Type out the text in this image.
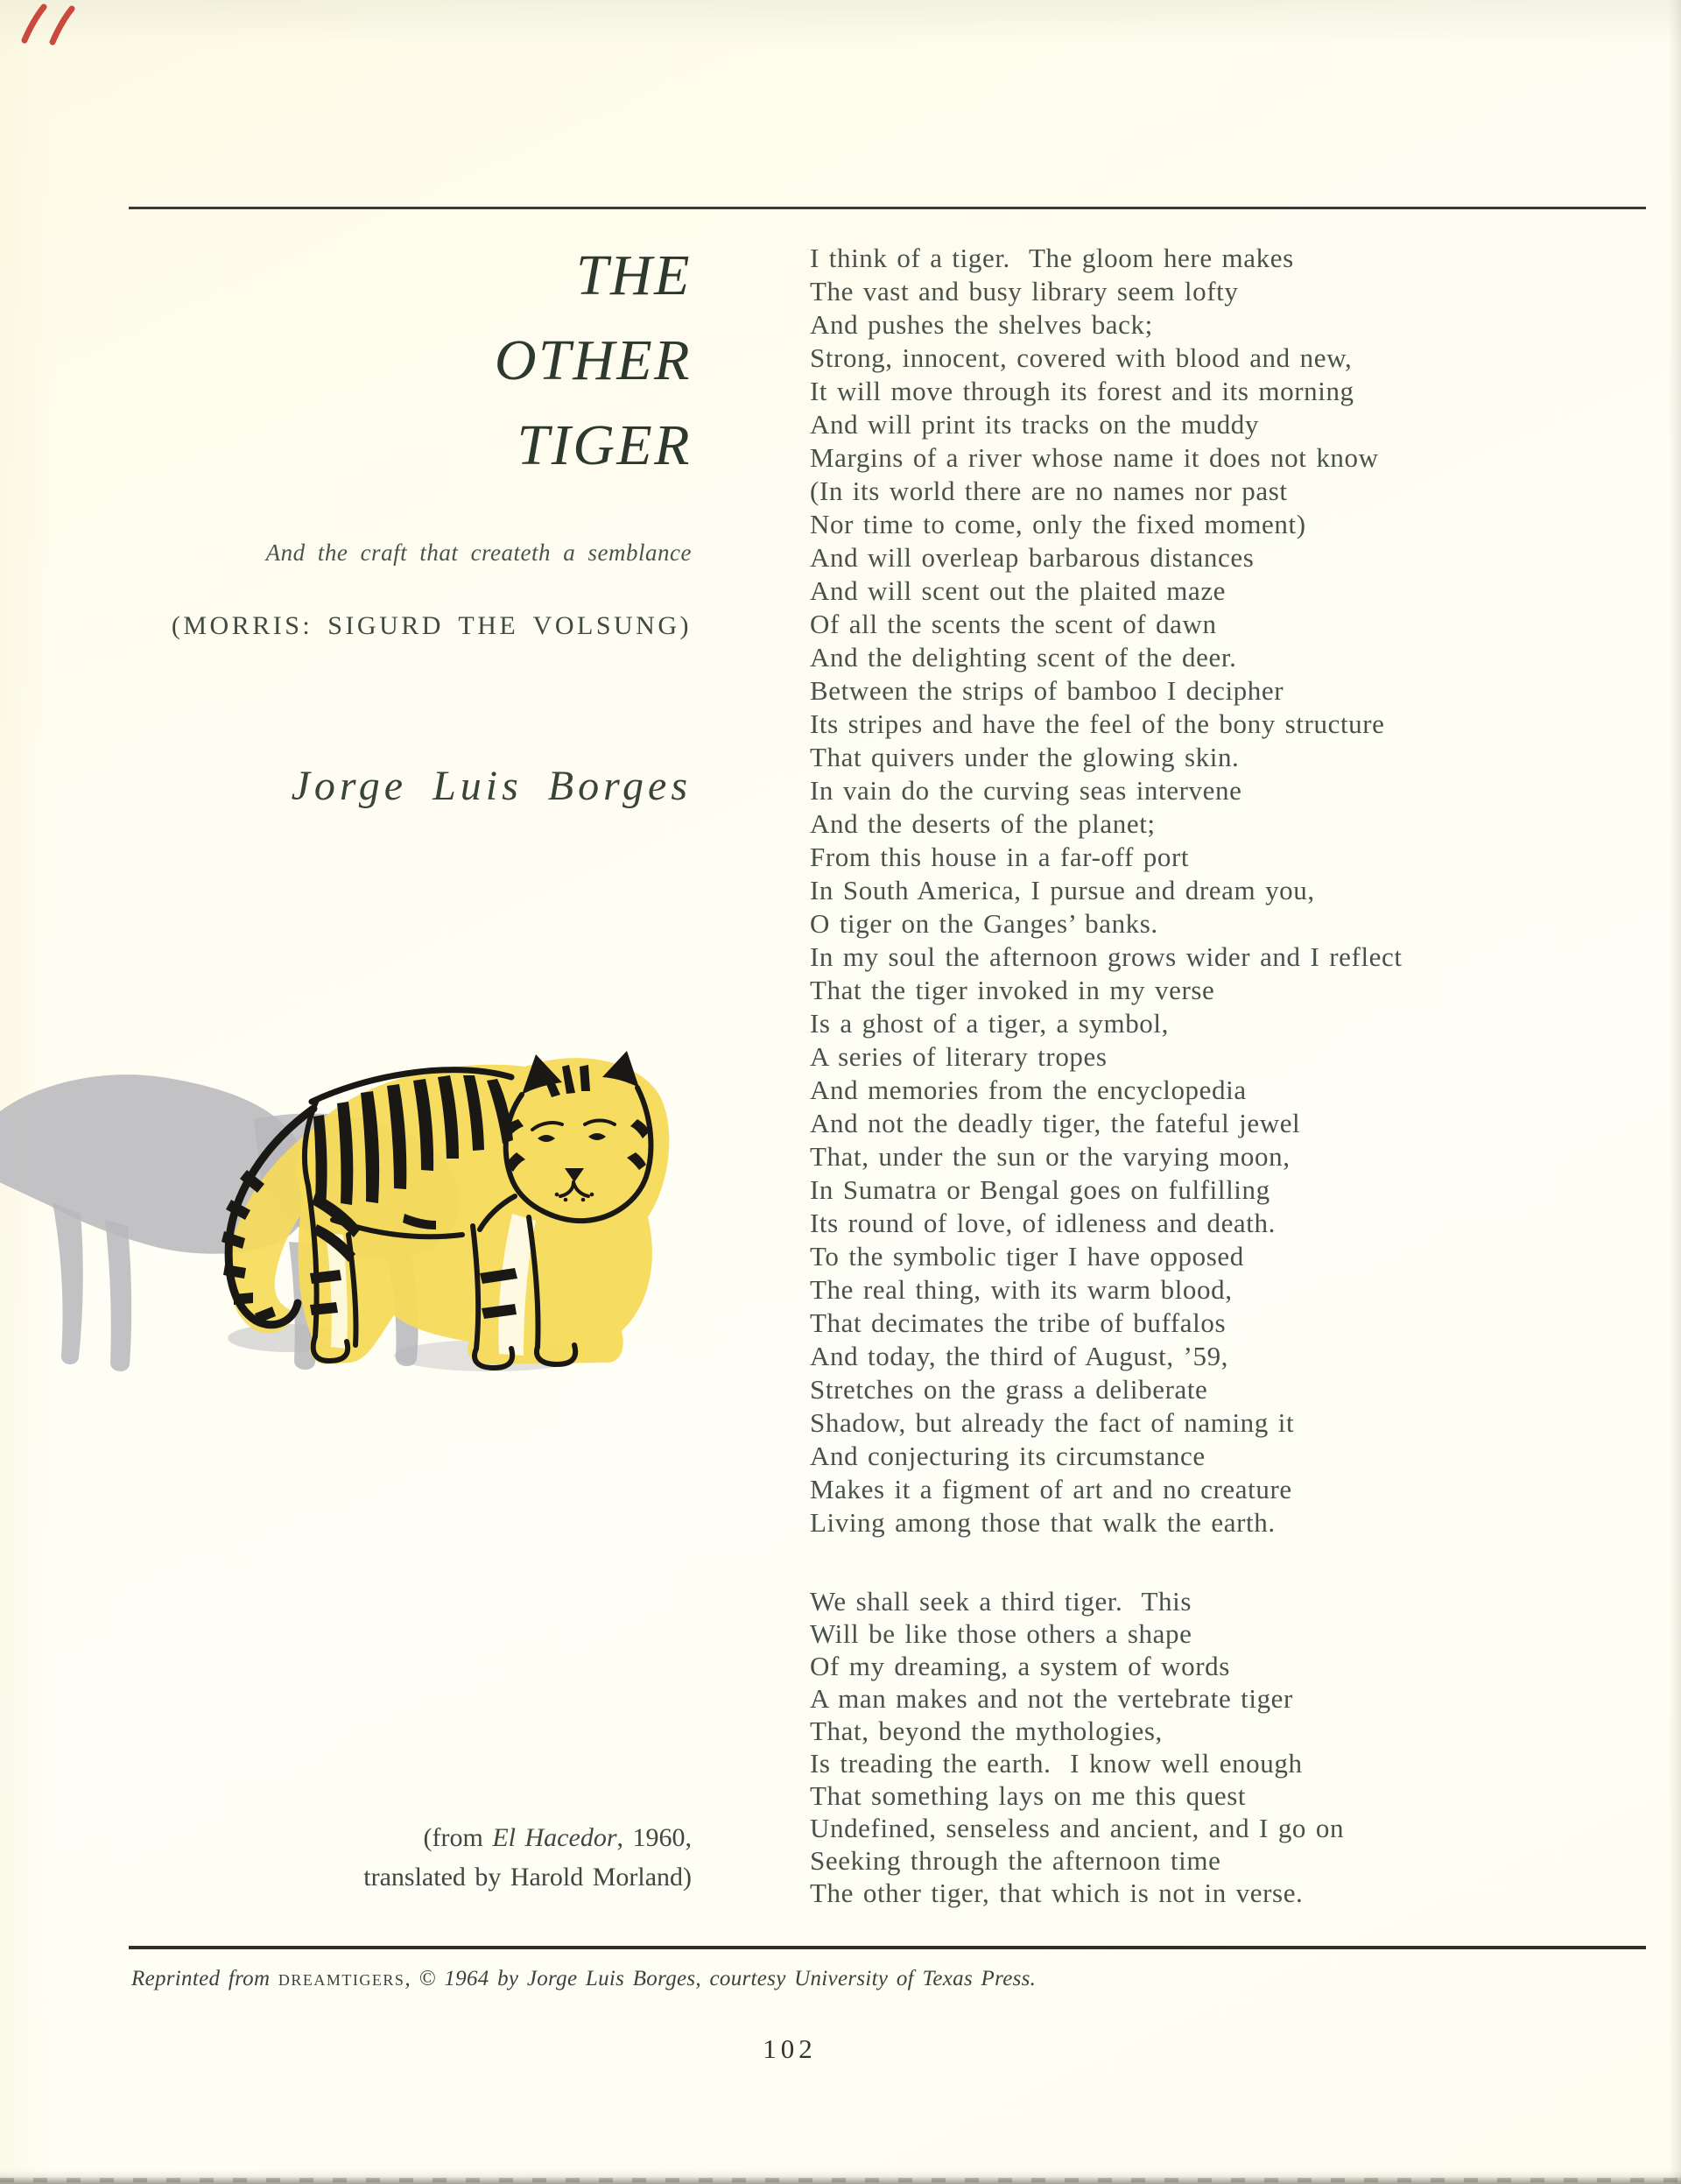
THE
OTHER
TIGER
And the craft that createth a semblance
(MORRIS: SIGURD THE VOLSUNG)
Jorge Luis Borges
I think of a tiger.  The gloom here makes
The vast and busy library seem lofty
And pushes the shelves back;
Strong, innocent, covered with blood and new,
It will move through its forest and its morning
And will print its tracks on the muddy
Margins of a river whose name it does not know
(In its world there are no names nor past
Nor time to come, only the fixed moment)
And will overleap barbarous distances
And will scent out the plaited maze
Of all the scents the scent of dawn
And the delighting scent of the deer.
Between the strips of bamboo I decipher
Its stripes and have the feel of the bony structure
That quivers under the glowing skin.
In vain do the curving seas intervene
And the deserts of the planet;
From this house in a far-off port
In South America, I pursue and dream you,
O tiger on the Ganges’ banks.
In my soul the afternoon grows wider and I reflect
That the tiger invoked in my verse
Is a ghost of a tiger, a symbol,
A series of literary tropes
And memories from the encyclopedia
And not the deadly tiger, the fateful jewel
That, under the sun or the varying moon,
In Sumatra or Bengal goes on fulfilling
Its round of love, of idleness and death.
To the symbolic tiger I have opposed
The real thing, with its warm blood,
That decimates the tribe of buffalos
And today, the third of August, ’59,
Stretches on the grass a deliberate
Shadow, but already the fact of naming it
And conjecturing its circumstance
Makes it a figment of art and no creature
Living among those that walk the earth.
We shall seek a third tiger.  This
Will be like those others a shape
Of my dreaming, a system of words
A man makes and not the vertebrate tiger
That, beyond the mythologies,
Is treading the earth.  I know well enough
That something lays on me this quest
Undefined, senseless and ancient, and I go on
Seeking through the afternoon time
The other tiger, that which is not in verse.
(from El Hacedor, 1960,
translated by Harold Morland)
Reprinted from dreamtigers, © 1964 by Jorge Luis Borges, courtesy University of Texas Press.
102
